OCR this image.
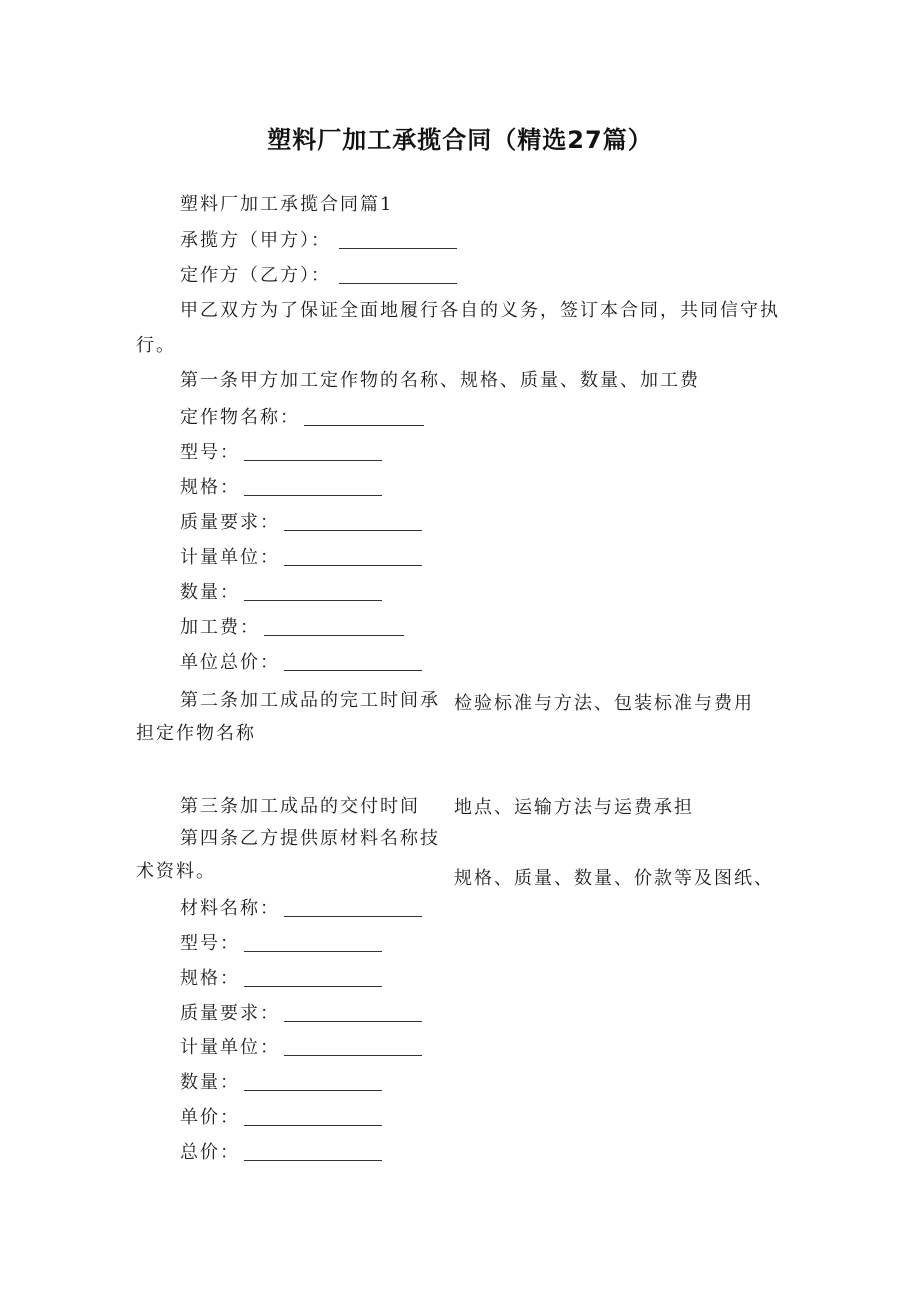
塑料厂加工承揽合同（精选27篇）
塑料厂加工承揽合同篇1
承揽方（甲方）：
定作方（乙方）：
甲乙双方为了保证全面地履行各自的义务，签订本合同，共同信守执
行。
第一条甲方加工定作物的名称、规格、质量、数量、加工费
定作物名称：
型号：
规格：
质量要求：
计量单位：
数量：
加工费：
单位总价：
第二条加工成品的完工时间承
担定作物名称
检验标准与方法、包装标准与费用
第三条加工成品的交付时间 地点、运输方法与运费承担
第四条乙方提供原材料名称技
术资料。	规格、质量、数量、价款等及图纸、
材料名称：
型号：
规格：
质量要求：
计量单位：
数量：
单价：
总价：
